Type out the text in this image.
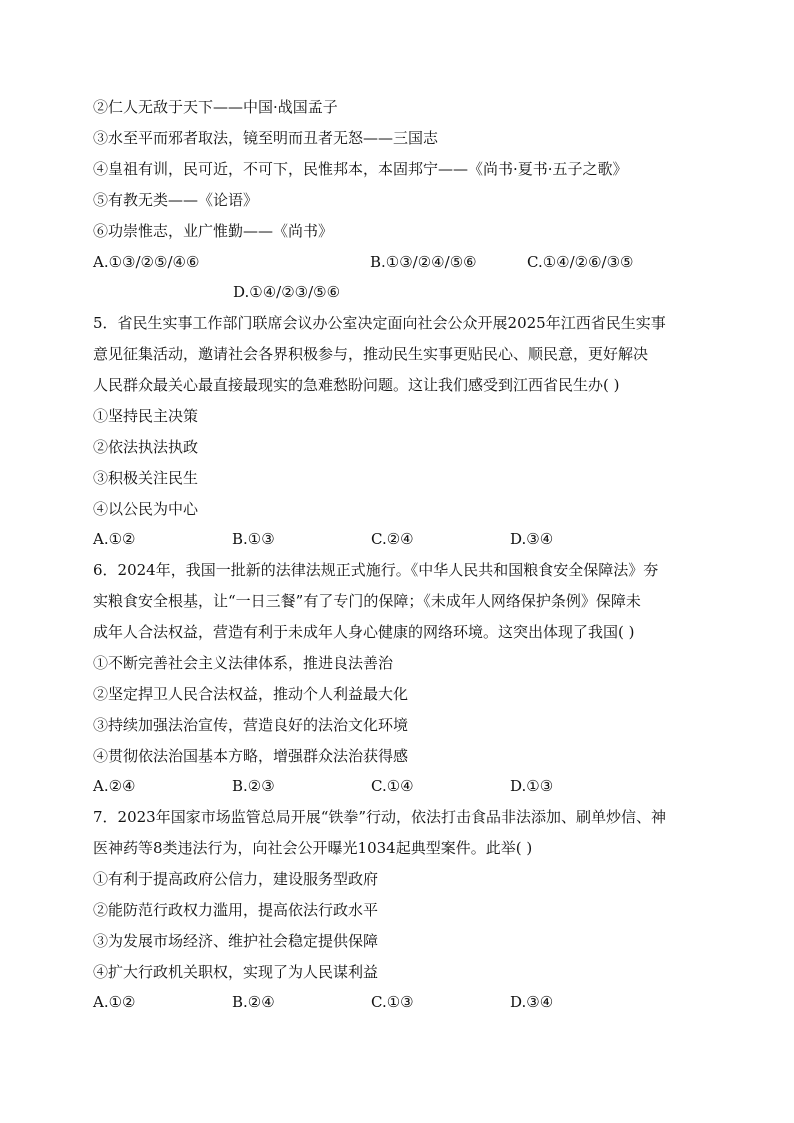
②仁人无敌于天下——中国·战国孟子
③水至平而邪者取法，镜至明而丑者无怒——三国志
④皇祖有训，民可近，不可下，民惟邦本，本固邦宁——《尚书·夏书·五子之歌》
⑤有教无类——《论语》
⑥功崇惟志，业广惟勤——《尚书》
A.①③/②⑤/④⑥	B.①③/②④/⑤⑥	C.①④/②⑥/③⑤
D.①④/②③/⑤⑥
5．省民生实事工作部门联席会议办公室决定面向社会公众开展2025年江西省民生实事
意见征集活动，邀请社会各界积极参与，推动民生实事更贴民心、顺民意，更好解决
人民群众最关心最直接最现实的急难愁盼问题。这让我们感受到江西省民生办( )
①坚持民主决策
②依法执法执政
③积极关注民生
④以公民为中心
A.①②	B.①③	C.②④	D.③④
6．2024年，我国一批新的法律法规正式施行。《中华人民共和国粮食安全保障法》夯
实粮食安全根基，让“一日三餐”有了专门的保障；《未成年人网络保护条例》保障未
成年人合法权益，营造有利于未成年人身心健康的网络环境。这突出体现了我国( )
①不断完善社会主义法律体系，推进良法善治
②坚定捍卫人民合法权益，推动个人利益最大化
③持续加强法治宣传，营造良好的法治文化环境
④贯彻依法治国基本方略，增强群众法治获得感
A.②④	B.②③	C.①④	D.①③
7．2023年国家市场监管总局开展“铁拳”行动，依法打击食品非法添加、刷单炒信、神
医神药等8类违法行为，向社会公开曝光1034起典型案件。此举( )
①有利于提高政府公信力，建设服务型政府
②能防范行政权力滥用，提高依法行政水平
③为发展市场经济、维护社会稳定提供保障
④扩大行政机关职权，实现了为人民谋利益
A.①②	B.②④	C.①③	D.③④
